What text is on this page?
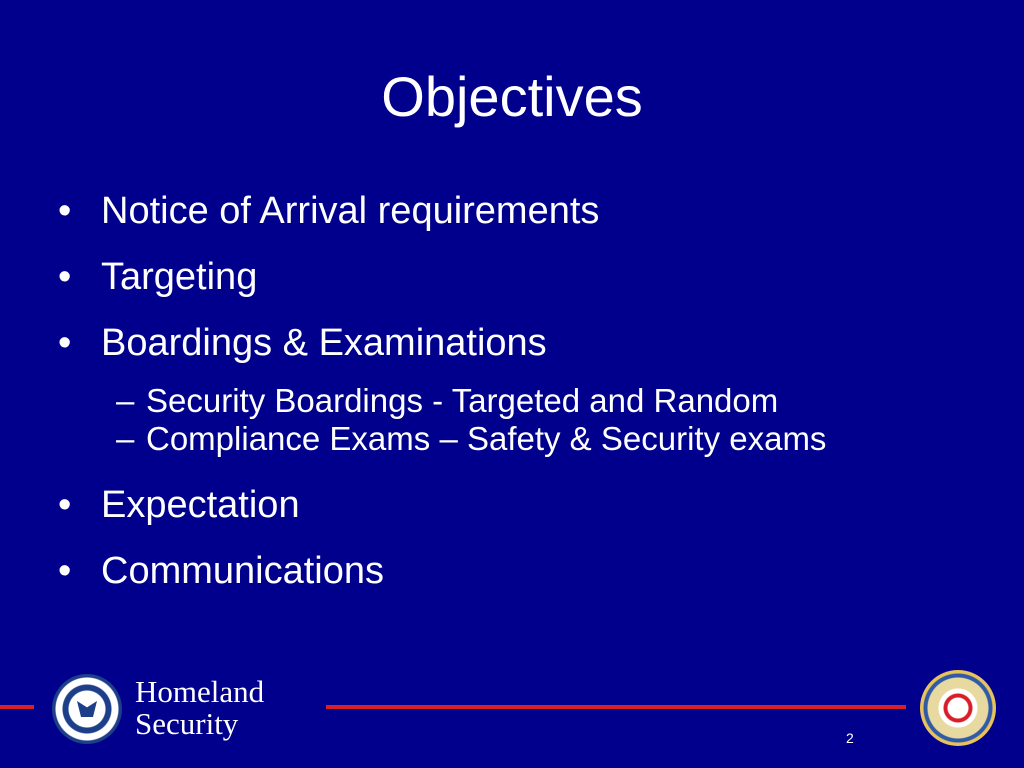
Objectives
• Notice of Arrival requirements
• Targeting
• Boardings & Examinations
– Security Boardings - Targeted and Random
– Compliance Exams – Safety & Security exams
• Expectation
• Communications
Homeland
Security	2
